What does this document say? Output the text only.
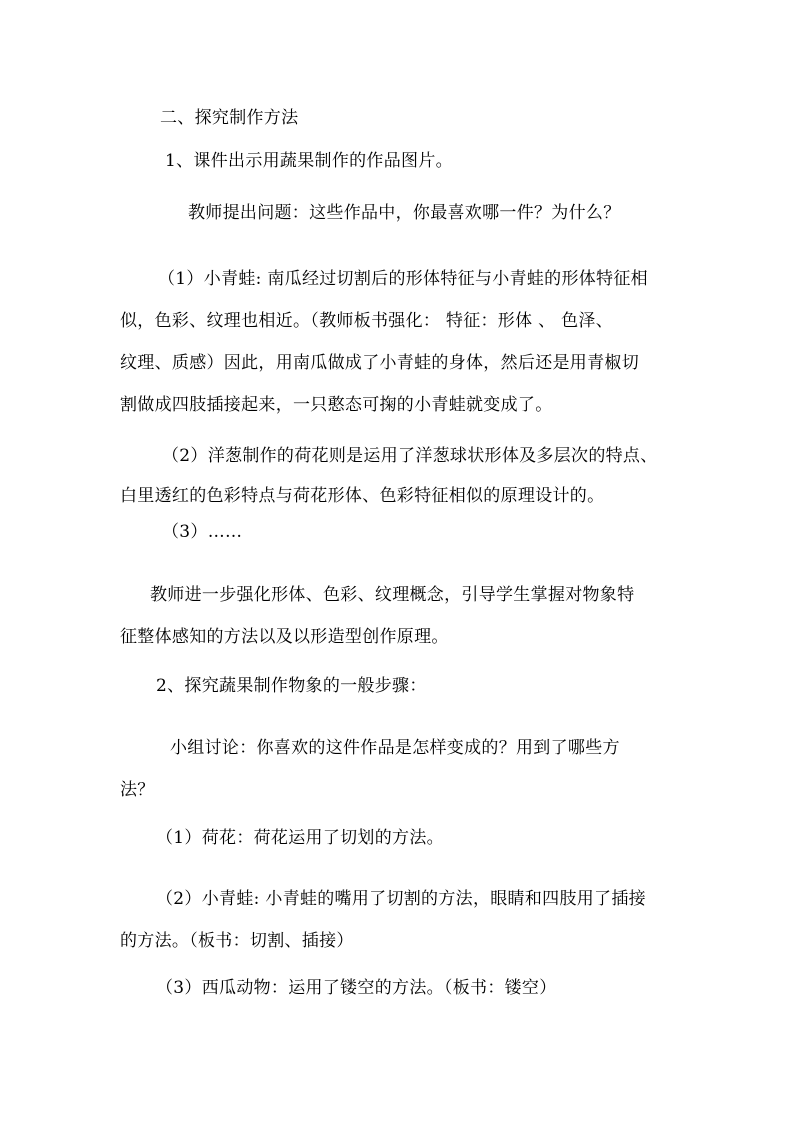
二、探究制作方法
1、课件出示用蔬果制作的作品图片。
教师提出问题：这些作品中，你最喜欢哪一件？为什么？
（1）小青蛙: 南瓜经过切割后的形体特征与小青蛙的形体特征相
似，色彩、纹理也相近。（教师板书强化： 特征：形体 、 色泽、
纹理、质感）因此，用南瓜做成了小青蛙的身体，然后还是用青椒切
割做成四肢插接起来，一只憨态可掬的小青蛙就变成了。
（2）洋葱制作的荷花则是运用了洋葱球状形体及多层次的特点、
白里透红的色彩特点与荷花形体、色彩特征相似的原理设计的。
（3）……
教师进一步强化形体、色彩、纹理概念，引导学生掌握对物象特
征整体感知的方法以及以形造型创作原理。
2、探究蔬果制作物象的一般步骤：
小组讨论：你喜欢的这件作品是怎样变成的？用到了哪些方
法？
（1）荷花：荷花运用了切划的方法。
（2）小青蛙: 小青蛙的嘴用了切割的方法，眼睛和四肢用了插接
的方法。（板书：切割、插接）
（3）西瓜动物：运用了镂空的方法。（板书：镂空）
